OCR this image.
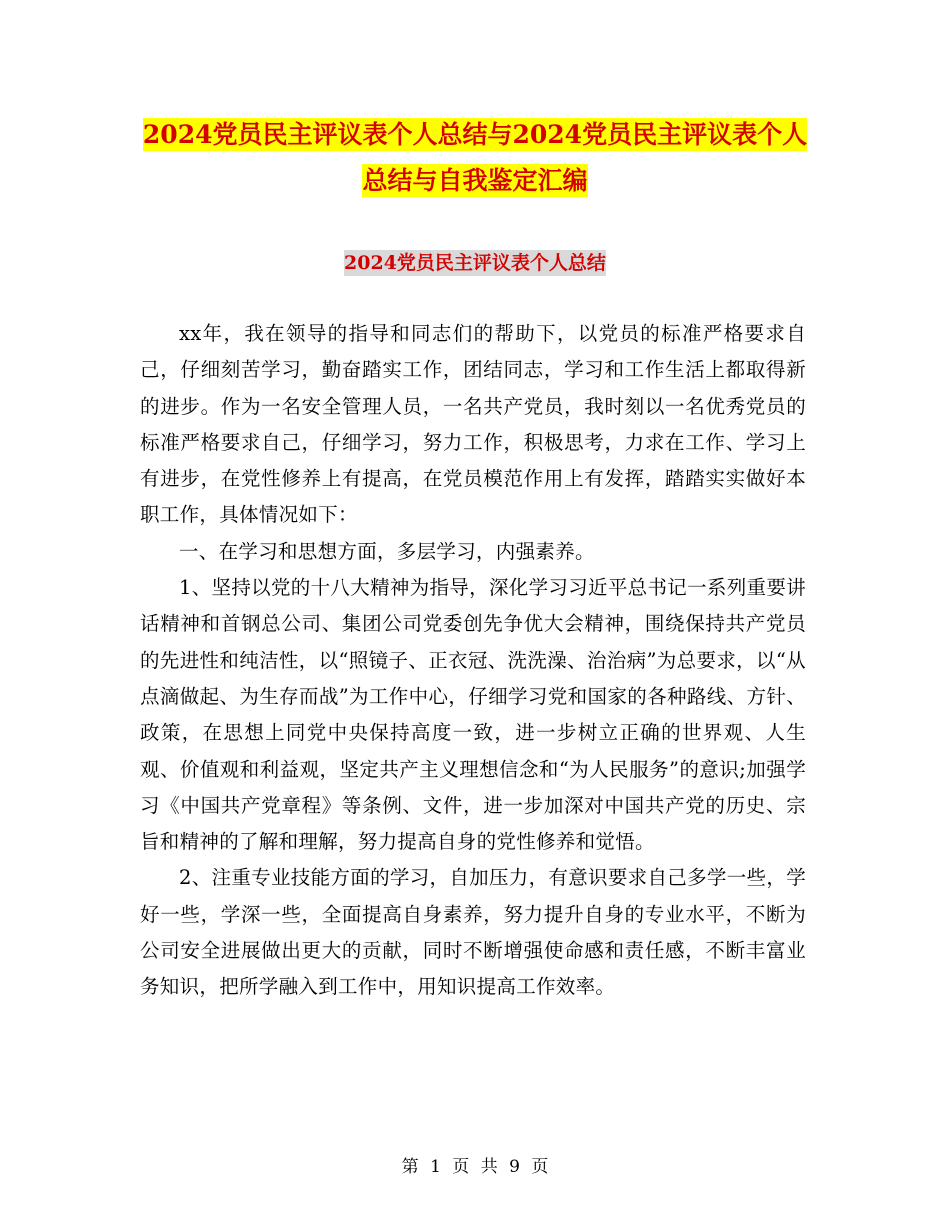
2024党员民主评议表个人总结与2024党员民主评议表个人总结与自我鉴定汇编
2024党员民主评议表个人总结

xx年，我在领导的指导和同志们的帮助下，以党员的标准严格要求自己，仔细刻苦学习，勤奋踏实工作，团结同志，学习和工作生活上都取得新的进步。作为一名安全管理人员，一名共产党员，我时刻以一名优秀党员的标准严格要求自己，仔细学习，努力工作，积极思考，力求在工作、学习上有进步，在党性修养上有提高，在党员模范作用上有发挥，踏踏实实做好本职工作，具体情况如下：

一、在学习和思想方面，多层学习，内强素养。

1、坚持以党的十八大精神为指导，深化学习习近平总书记一系列重要讲话精神和首钢总公司、集团公司党委创先争优大会精神，围绕保持共产党员的先进性和纯洁性，以“照镜子、正衣冠、洗洗澡、治治病”为总要求，以“从点滴做起、为生存而战”为工作中心，仔细学习党和国家的各种路线、方针、政策，在思想上同党中央保持高度一致，进一步树立正确的世界观、人生观、价值观和利益观，坚定共产主义理想信念和“为人民服务”的意识;加强学习《中国共产党章程》等条例、文件，进一步加深对中国共产党的历史、宗旨和精神的了解和理解，努力提高自身的党性修养和觉悟。

2、注重专业技能方面的学习，自加压力，有意识要求自己多学一些，学好一些，学深一些，全面提高自身素养，努力提升自身的专业水平，不断为公司安全进展做出更大的贡献，同时不断增强使命感和责任感，不断丰富业务知识，把所学融入到工作中，用知识提高工作效率。

第 1 页 共 9 页
